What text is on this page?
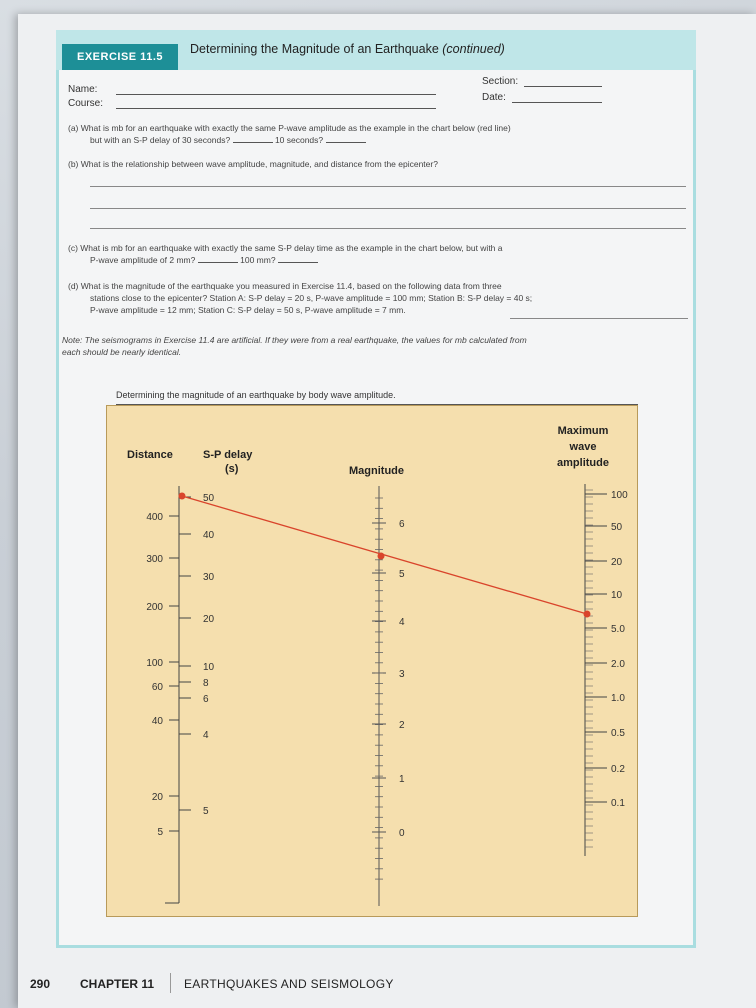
EXERCISE 11.5
Determining the Magnitude of an Earthquake (continued)
Name:
Course:
Section:
Date:
(a) What is mb for an earthquake with exactly the same P-wave amplitude as the example in the chart below (red line)
but with an S-P delay of 30 seconds?	10 seconds?
(b) What is the relationship between wave amplitude, magnitude, and distance from the epicenter?
(c) What is mb for an earthquake with exactly the same S-P delay time as the example in the chart below, but with a
P-wave amplitude of 2 mm?	100 mm?
(d) What is the magnitude of the earthquake you measured in Exercise 11.4, based on the following data from three
stations close to the epicenter? Station A: S-P delay = 20 s, P-wave amplitude = 100 mm; Station B: S-P delay = 40 s;
P-wave amplitude = 12 mm; Station C: S-P delay = 50 s, P-wave amplitude = 7 mm.
Note: The seismograms in Exercise 11.4 are artificial. If they were from a real earthquake, the values for mb calculated from
each should be nearly identical.
Determining the magnitude of an earthquake by body wave amplitude.
Distance	S-P delay
(s)	Magnitude
Maximum
wave
amplitude
400
300
200
100
60
40
20
5
50
40
30
20
10
8
6
4
5
6
5
4
3
2
1
0
100
50
20
10
5.0
2.0
1.0
0.5
0.2
0.1
290 CHAPTER 11 EARTHQUAKES AND SEISMOLOGY
